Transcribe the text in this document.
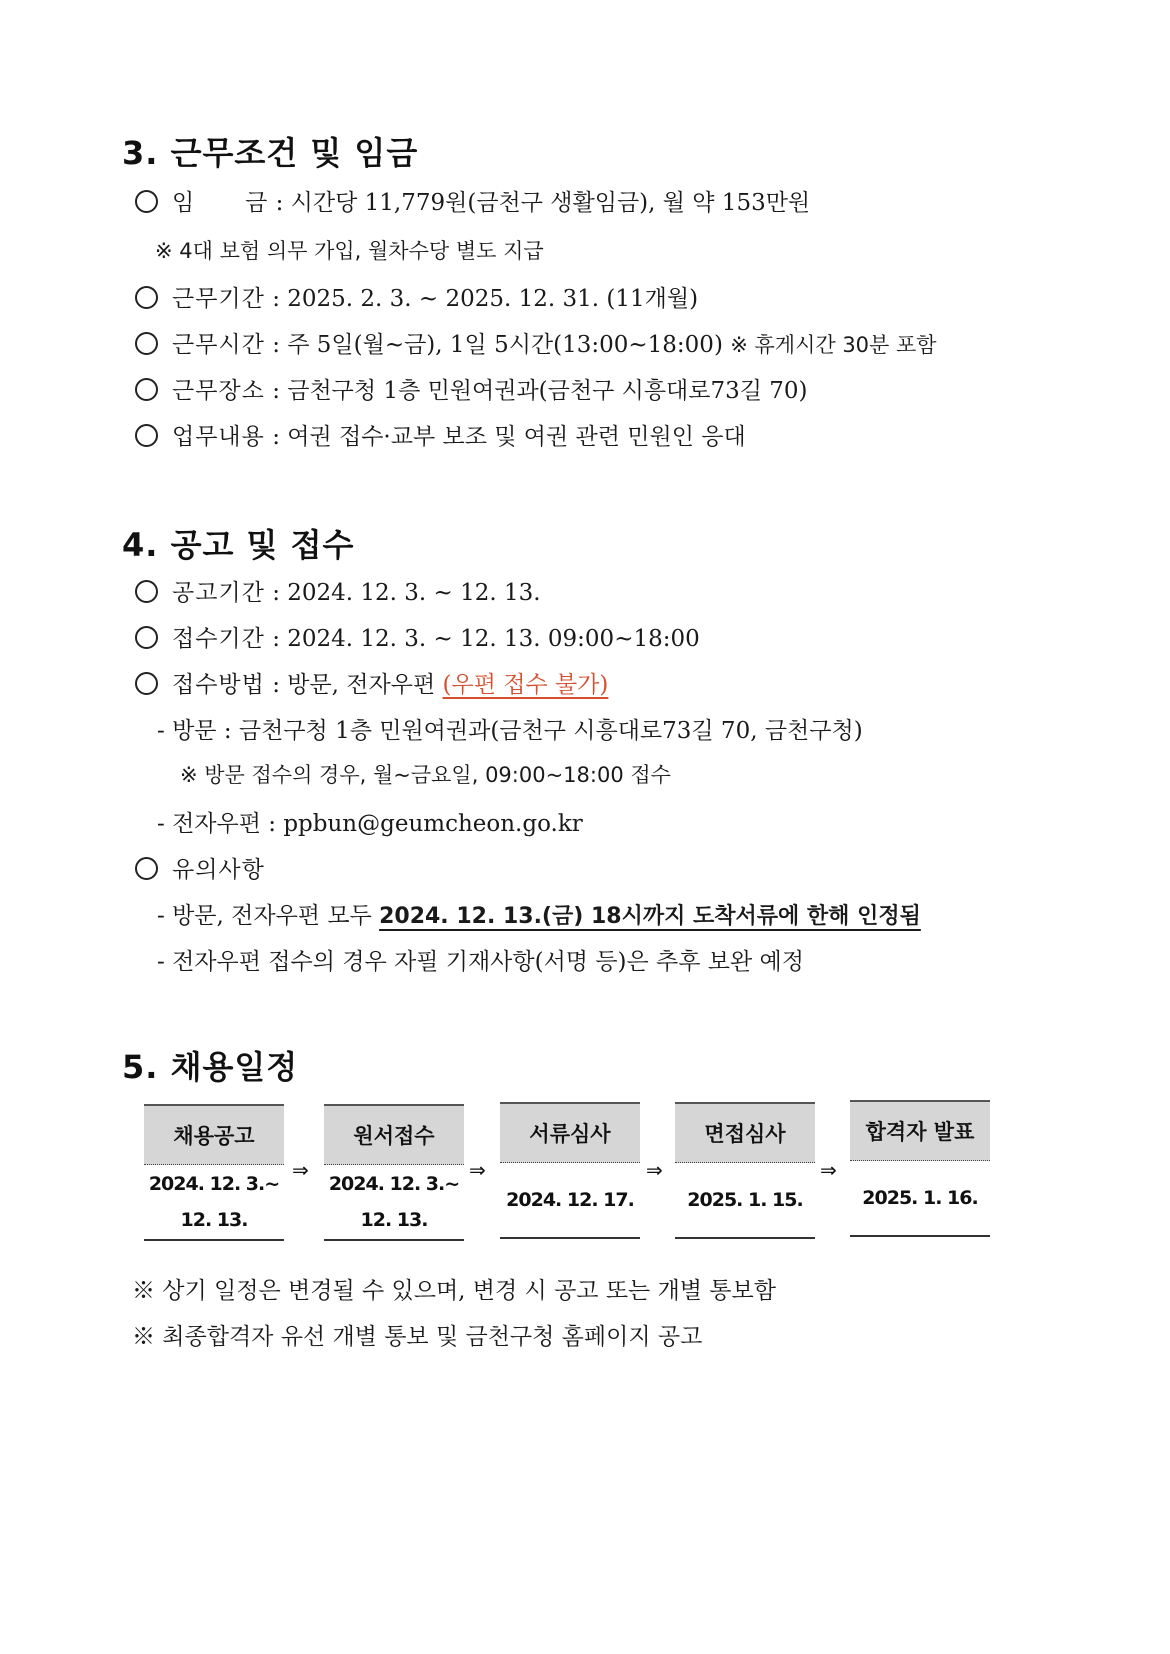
3. 근무조건 및 임금
임      금 : 시간당 11,779원(금천구 생활임금), 월 약 153만원
※ 4대 보험 의무 가입, 월차수당 별도 지급
근무기간 : 2025. 2. 3. ~ 2025. 12. 31. (11개월)
근무시간 : 주 5일(월~금), 1일 5시간(13:00~18:00) ※ 휴게시간 30분 포함
근무장소 : 금천구청 1층 민원여권과(금천구 시흥대로73길 70)
업무내용 : 여권 접수·교부 보조 및 여권 관련 민원인 응대
4. 공고 및 접수
공고기간 : 2024. 12. 3. ~ 12. 13.
접수기간 : 2024. 12. 3. ~ 12. 13. 09:00~18:00
접수방법 : 방문, 전자우편 (우편 접수 불가)
- 방문 : 금천구청 1층 민원여권과(금천구 시흥대로73길 70, 금천구청)
※ 방문 접수의 경우, 월~금요일, 09:00~18:00 접수
- 전자우편 : ppbun@geumcheon.go.kr
유의사항
- 방문, 전자우편 모두 2024. 12. 13.(금) 18시까지 도착서류에 한해 인정됨
- 전자우편 접수의 경우 자필 기재사항(서명 등)은 추후 보완 예정
5. 채용일정
채용공고
2024. 12. 3.~
12. 13.
⇒
원서접수
2024. 12. 3.~
12. 13.
⇒
서류심사
2024. 12. 17.
⇒
면접심사
2025. 1. 15.
⇒
합격자 발표
2025. 1. 16.
※ 상기 일정은 변경될 수 있으며, 변경 시 공고 또는 개별 통보함
※ 최종합격자 유선 개별 통보 및 금천구청 홈페이지 공고
